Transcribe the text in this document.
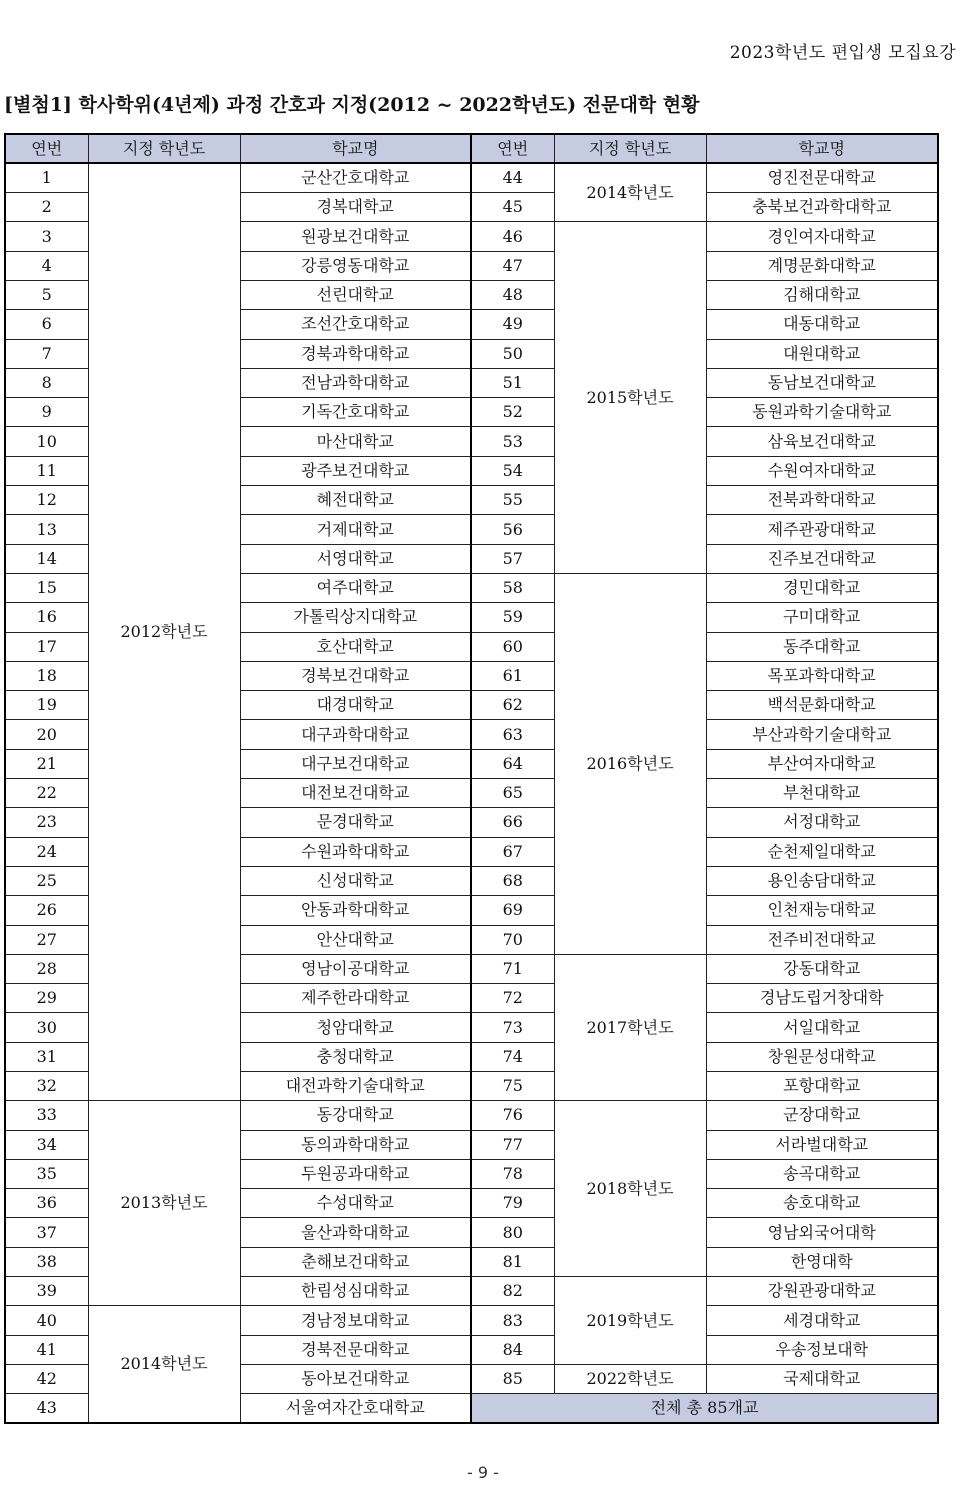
2023학년도 편입생 모집요강
[별첨1] 학사학위(4년제) 과정 간호과 지정(2012 ~ 2022학년도) 전문대학 현황
연번	지정 학년도	학교명	연번	지정 학년도	학교명
1	2012학년도	군산간호대학교	44	2014학년도	영진전문대학교
2		경복대학교	45		충북보건과학대학교
3		원광보건대학교	46	2015학년도	경인여자대학교
4		강릉영동대학교	47		계명문화대학교
5		선린대학교	48		김해대학교
6		조선간호대학교	49		대동대학교
7		경북과학대학교	50		대원대학교
8		전남과학대학교	51		동남보건대학교
9		기독간호대학교	52		동원과학기술대학교
10		마산대학교	53		삼육보건대학교
11		광주보건대학교	54		수원여자대학교
12		혜전대학교	55		전북과학대학교
13		거제대학교	56		제주관광대학교
14		서영대학교	57		진주보건대학교
15		여주대학교	58	2016학년도	경민대학교
16		가톨릭상지대학교	59		구미대학교
17		호산대학교	60		동주대학교
18		경북보건대학교	61		목포과학대학교
19		대경대학교	62		백석문화대학교
20		대구과학대학교	63		부산과학기술대학교
21		대구보건대학교	64		부산여자대학교
22		대전보건대학교	65		부천대학교
23		문경대학교	66		서정대학교
24		수원과학대학교	67		순천제일대학교
25		신성대학교	68		용인송담대학교
26		안동과학대학교	69		인천재능대학교
27		안산대학교	70		전주비전대학교
28		영남이공대학교	71	2017학년도	강동대학교
29		제주한라대학교	72		경남도립거창대학
30		청암대학교	73		서일대학교
31		충청대학교	74		창원문성대학교
32		대전과학기술대학교	75		포항대학교
33	2013학년도	동강대학교	76	2018학년도	군장대학교
34		동의과학대학교	77		서라벌대학교
35		두원공과대학교	78		송곡대학교
36		수성대학교	79		송호대학교
37		울산과학대학교	80		영남외국어대학
38		춘해보건대학교	81		한영대학
39		한림성심대학교	82	2019학년도	강원관광대학교
40	2014학년도	경남정보대학교	83		세경대학교
41		경북전문대학교	84		우송정보대학
42		동아보건대학교	85	2022학년도	국제대학교
43		서울여자간호대학교	전체 총 85개교		
- 9 -
